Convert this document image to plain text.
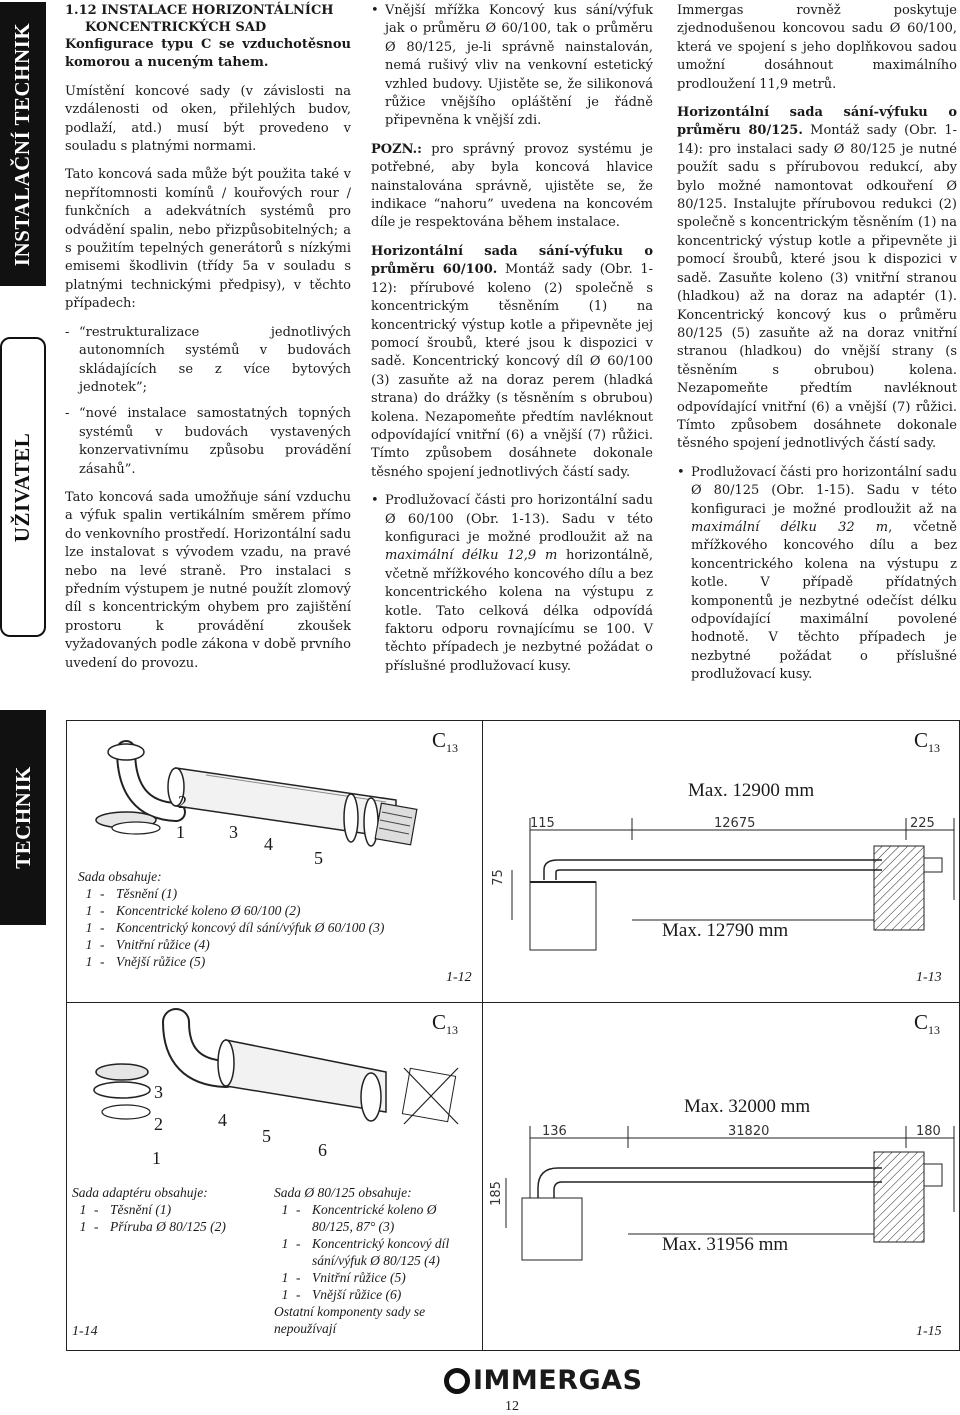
INSTALAČNÍ TECHNIK
UŽIVATEL
TECHNIK
1.12 INSTALACE HORIZONTÁLNÍCH
KONCENTRICKÝCH SAD

Konfigurace typu C se vzduchotěsnou komorou a nuceným tahem.

Umístění koncové sady (v závislosti na vzdálenosti od oken, přilehlých budov, podlaží, atd.) musí být provedeno v souladu s platnými normami.

Tato koncová sada může být použita také v nepřítomnosti komínů / kouřových rour / funkčních a adekvátních systémů pro odvádění spalin, nebo přizpůsobitelných; a s použitím tepelných generátorů s nízkými emisemi škodlivin (třídy 5a v souladu s platnými technickými předpisy), v těchto případech:

- “restrukturalizace jednotlivých autonomních systémů v budovách skládajících se z více bytových jednotek”;
- “nové instalace samostatných topných systémů v budovách vystavených konzervativnímu způsobu provádění zásahů”.

Tato koncová sada umožňuje sání vzduchu a výfuk spalin vertikálním směrem přímo do venkovního prostředí. Horizontální sadu lze instalovat s vývodem vzadu, na pravé nebo na levé straně. Pro instalaci s předním výstupem je nutné použít zlomový díl s koncentrickým ohybem pro zajištění prostoru k provádění zkoušek vyžadovaných podle zákona v době prvního uvedení do provozu.

• Vnější mřížka Koncový kus sání/výfuk jak o průměru Ø 60/100, tak o průměru Ø 80/125, je-li správně nainstalován, nemá rušivý vliv na venkovní estetický vzhled budovy. Ujistěte se, že silikonová růžice vnějšího opláštění je řádně připevněna k vnější zdi.

POZN.: pro správný provoz systému je potřebné, aby byla koncová hlavice nainstalována správně, ujistěte se, že indikace “nahoru” uvedena na koncovém díle je respektována během instalace.

Horizontální sada sání-výfuku o průměru 60/100. Montáž sady (Obr. 1-12): přírubové koleno (2) společně s koncentrickým těsněním (1) na koncentrický výstup kotle a připevněte jej pomocí šroubů, které jsou k dispozici v sadě. Koncentrický koncový díl Ø 60/100 (3) zasuňte až na doraz perem (hladká strana) do drážky (s těsněním s obrubou) kolena. Nezapomeňte předtím navléknout odpovídající vnitřní (6) a vnější (7) růžici. Tímto způsobem dosáhnete dokonale těsného spojení jednotlivých částí sady.

• Prodlužovací části pro horizontální sadu Ø 60/100 (Obr. 1-13). Sadu v této konfiguraci je možné prodloužit až na maximální délku 12,9 m horizontálně, včetně mřížkového koncového dílu a bez koncentrického kolena na výstupu z kotle. Tato celková délka odpovídá faktoru odporu rovnajícímu se 100. V těchto případech je nezbytné požádat o příslušné prodlužovací kusy.

Immergas rovněž poskytuje zjednodušenou koncovou sadu Ø 60/100, která ve spojení s jeho doplňkovou sadou umožní dosáhnout maximálního prodloužení 11,9 metrů.

Horizontální sada sání-výfuku o průměru 80/125. Montáž sady (Obr. 1-14): pro instalaci sady Ø 80/125 je nutné použít sadu s přírubovou redukcí, aby bylo možné namontovat odkouření Ø 80/125. Instalujte přírubovou redukci (2) společně s koncentrickým těsněním (1) na koncentrický výstup kotle a připevněte ji pomocí šroubů, které jsou k dispozici v sadě. Zasuňte koleno (3) vnitřní stranou (hladkou) až na doraz na adaptér (1). Koncentrický koncový kus o průměru 80/125 (5) zasuňte až na doraz vnitřní stranou (hladkou) do vnější strany (s těsněním s obrubou) kolena. Nezapomeňte předtím navléknout odpovídající vnitřní (6) a vnější (7) růžici. Tímto způsobem dosáhnete dokonale těsného spojení jednotlivých částí sady.

• Prodlužovací části pro horizontální sadu Ø 80/125 (Obr. 1-15). Sadu v této konfiguraci je možné prodloužit až na maximální délku 32 m, včetně mřížkového koncového dílu a bez koncentrického kolena na výstupu z kotle. V případě přídatných komponentů je nezbytné odečíst délku odpovídající maximální povolené hodnotě. V těchto případech je nezbytné požádat o příslušné prodlužovací kusy.
$C_{13}$
2
1 3
4
5
Sada obsahuje:
1 - Těsnění (1)
1 - Koncentrické koleno Ø 60/100 (2)
1 - Koncentrický koncový díl sání/výfuk Ø 60/100 (3)
1 - Vnitřní růžice (4)
1 - Vnější růžice (5)
1-12
$C_{13}$
Max. 12900 mm
115	12675	225
75
Max. 12790 mm
1-13
$C_{13}$
3
2
1
4
5
6
Sada adaptéru obsahuje:
1 - Těsnění (1)
1 - Příruba Ø 80/125 (2)
Sada Ø 80/125 obsahuje:
1 - Koncentrické koleno Ø 80/125, 87° (3)
1 - Koncentrický koncový díl sání/výfuk Ø 80/125 (4)
1 - Vnitřní růžice (5)
1 - Vnější růžice (6)
Ostatní komponenty sady se nepoužívají
1-14
$C_{13}$
Max. 32000 mm
136	31820	180
185
Max. 31956 mm
1-15
IMMERGAS
12
